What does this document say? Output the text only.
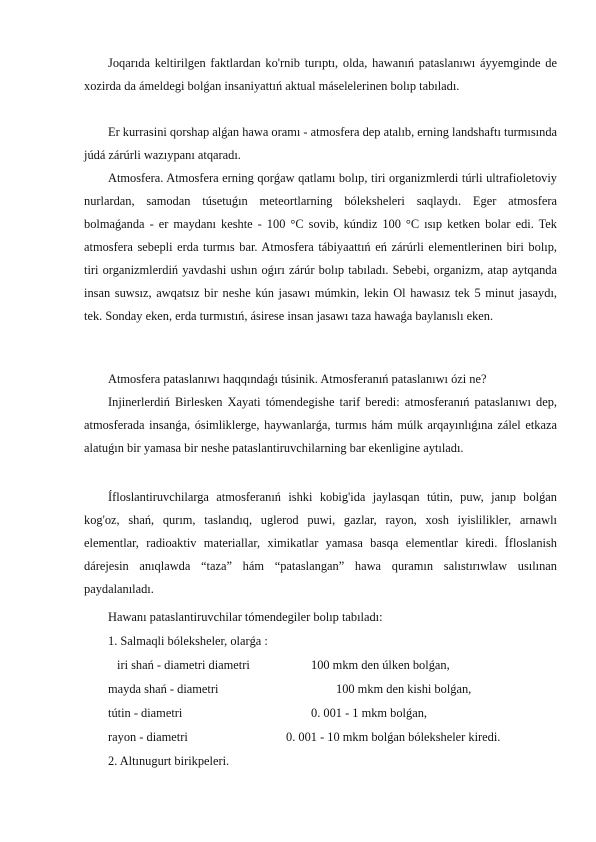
Joqarıda keltirilgen faktlardan ko'rnib turıptı, olda, hawanıń pataslanıwı áyyemginde de xozirda da ámeldegi bolǵan insaniyattıń aktual máselelerinen bolıp tabıladı.

Er kurrasini qorshap alǵan hawa oramı - atmosfera dep atalıb, erning landshaftı turmısında júdá zárúrli wazıypanı atqaradı.

Atmosfera. Atmosfera erning qorǵaw qatlamı bolıp, tiri organizmlerdi túrli ultrafioletoviy nurlardan, samodan túsetuǵın meteortlarning bóleksheleri saqlaydı. Eger atmosfera bolmaǵanda - er maydanı keshte - 100 °C sovib, kúndiz 100 °C ısıp ketken bolar edi. Tek atmosfera sebepli erda turmıs bar. Atmosfera tábiyaattıń eń zárúrli elementlerinen biri bolıp, tiri organizmlerdiń yavdashi ushın oǵırı zárúr bolıp tabıladı. Sebebi, organizm, atap aytqanda insan suwsız, awqatsız bir neshe kún jasawı múmkin, lekin Ol hawasız tek 5 minut jasaydı, tek. Sonday eken, erda turmıstıń, ásirese insan jasawı taza hawaǵa baylanıslı eken.

Atmosfera pataslanıwı haqqındaǵı túsinik. Atmosferanıń pataslanıwı ózi ne?

Injinerlerdiń Birlesken Xayati tómendegishe tarif beredi: atmosferanıń pataslanıwı dep, atmosferada insanǵa, ósimliklerge, haywanlarǵa, turmıs hám múlk arqayınlıǵına zálel etkaza alatuǵın bir yamasa bir neshe pataslantiruvchilarning bar ekenligine aytıladı.

Ífloslantiruvchilarga atmosferanıń ishki kobig'ida jaylasqan tútin, puw, janıp bolǵan kog'oz, shań, qurım, taslandıq, uglerod puwi, gazlar, rayon, xosh iyislilikler, arnawlı elementlar, radioaktiv materiallar, ximikatlar yamasa basqa elementlar kiredi. Ífloslanish dárejesin anıqlawda “taza” hám “pataslangan” hawa quramın salıstırıwlaw usılınan paydalanıladı.

Hawanı pataslantiruvchilar tómendegiler bolıp tabıladı:

1. Salmaqli bóleksheler, olarǵa :
iri shań - diametri diametri	100 mkm den úlken bolǵan,
mayda shań - diametri	100 mkm den kishi bolǵan,
tútin - diametri	0. 001 - 1 mkm bolǵan,
rayon - diametri	0. 001 - 10 mkm bolǵan bóleksheler kiredi.
2. Altınugurt birikpeleri.
